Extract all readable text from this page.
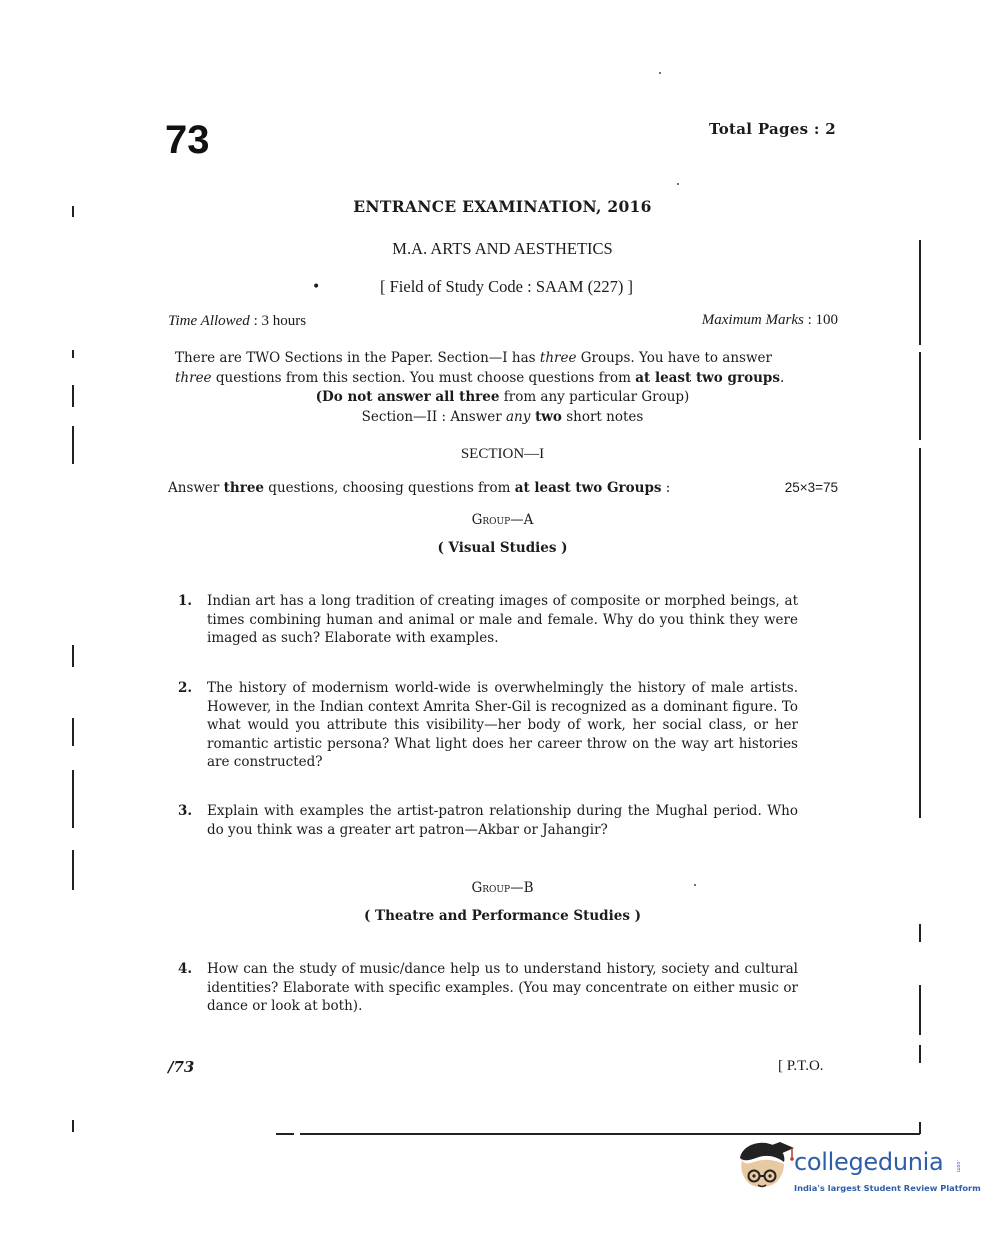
73	Total Pages : 2
ENTRANCE EXAMINATION, 2016
M.A. ARTS AND AESTHETICS
•	[ Field of Study Code : SAAM (227) ]
Time Allowed : 3 hours	Maximum Marks : 100

There are TWO Sections in the Paper. Section—I has three Groups. You have to answer

three questions from this section. You must choose questions from at least two groups.

(Do not answer all three from any particular Group)

Section—II : Answer any two short notes

SECTION—I
Answer three questions, choosing questions from at least two Groups :	25×3=75
Group—A
( Visual Studies )
1. Indian art has a long tradition of creating images of composite or morphed beings, at times combining human and animal or male and female. Why do you think they were imaged as such? Elaborate with examples.
2. The history of modernism world-wide is overwhelmingly the history of male artists. However, in the Indian context Amrita Sher-Gil is recognized as a dominant figure. To what would you attribute this visibility—her body of work, her social class, or her romantic artistic persona? What light does her career throw on the way art histories are constructed?
3. Explain with examples the artist-patron relationship during the Mughal period. Who do you think was a greater art patron—Akbar or Jahangir?
Group—B
( Theatre and Performance Studies )
4. How can the study of music/dance help us to understand history, society and cultural identities? Elaborate with specific examples. (You may concentrate on either music or dance or look at both).
/73	[ P.T.O.
collegedunia .com
India's largest Student Review Platform
